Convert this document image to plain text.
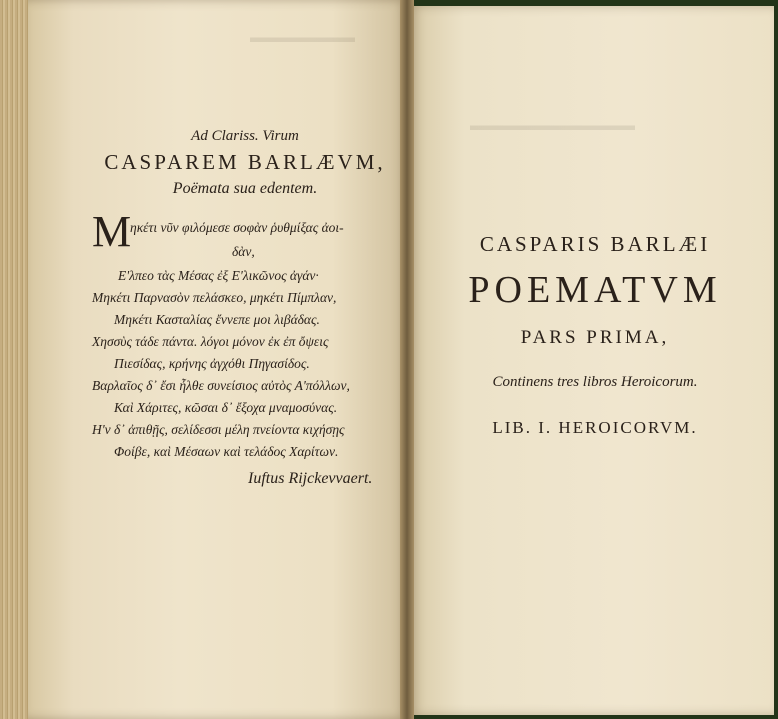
▬▬▬▬▬▬▬
▬▬▬▬▬▬▬▬▬▬▬
Ad Clariss. Virum
CASPAREM BARLÆVM,
Poëmata sua edentem.
M
ηκέτι νῦν φιλόμεσε σοφὰν ῥυθμίξας ἀοι-
δὰν,
Ε'λπεο τὰς Μέσας ἐξ Ε'λικῶνος ἀγάν·
Μηκέτι Παρνασὸν πελάσκεο, μηκέτι Πίμπλαν,
Μηκέτι Κασταλίας ἔννεπε μοι λιβάδας.
Χησσὺς τάδε πάντα. λόγοι μόνον ἐκ ἐπ ὄψεις
Πιεσίδας, κρήνης ἀγχόθι Πηγασίδος.
Βαρλαῖος δ᾽ ἔσι ἦλθε συνείσιος αὐτὸς Α'πόλλων,
Καὶ Χάριτες, κῶσαι δ᾽ ἔξοχα μναμοσύνας.
Η'ν δ᾽ ἀπιθῇς, σελίδεσσι μέλη πνείοντα κιχήσῃς
Φοίβε, καὶ Μέσαων καὶ τελάδος Χαρίτων.
Iuftus Rijckevvaert.
CASPARIS BARLÆI
POEMATVM
PARS PRIMA,
Continens tres libros Heroicorum.
LIB. I. HEROICORVM.
